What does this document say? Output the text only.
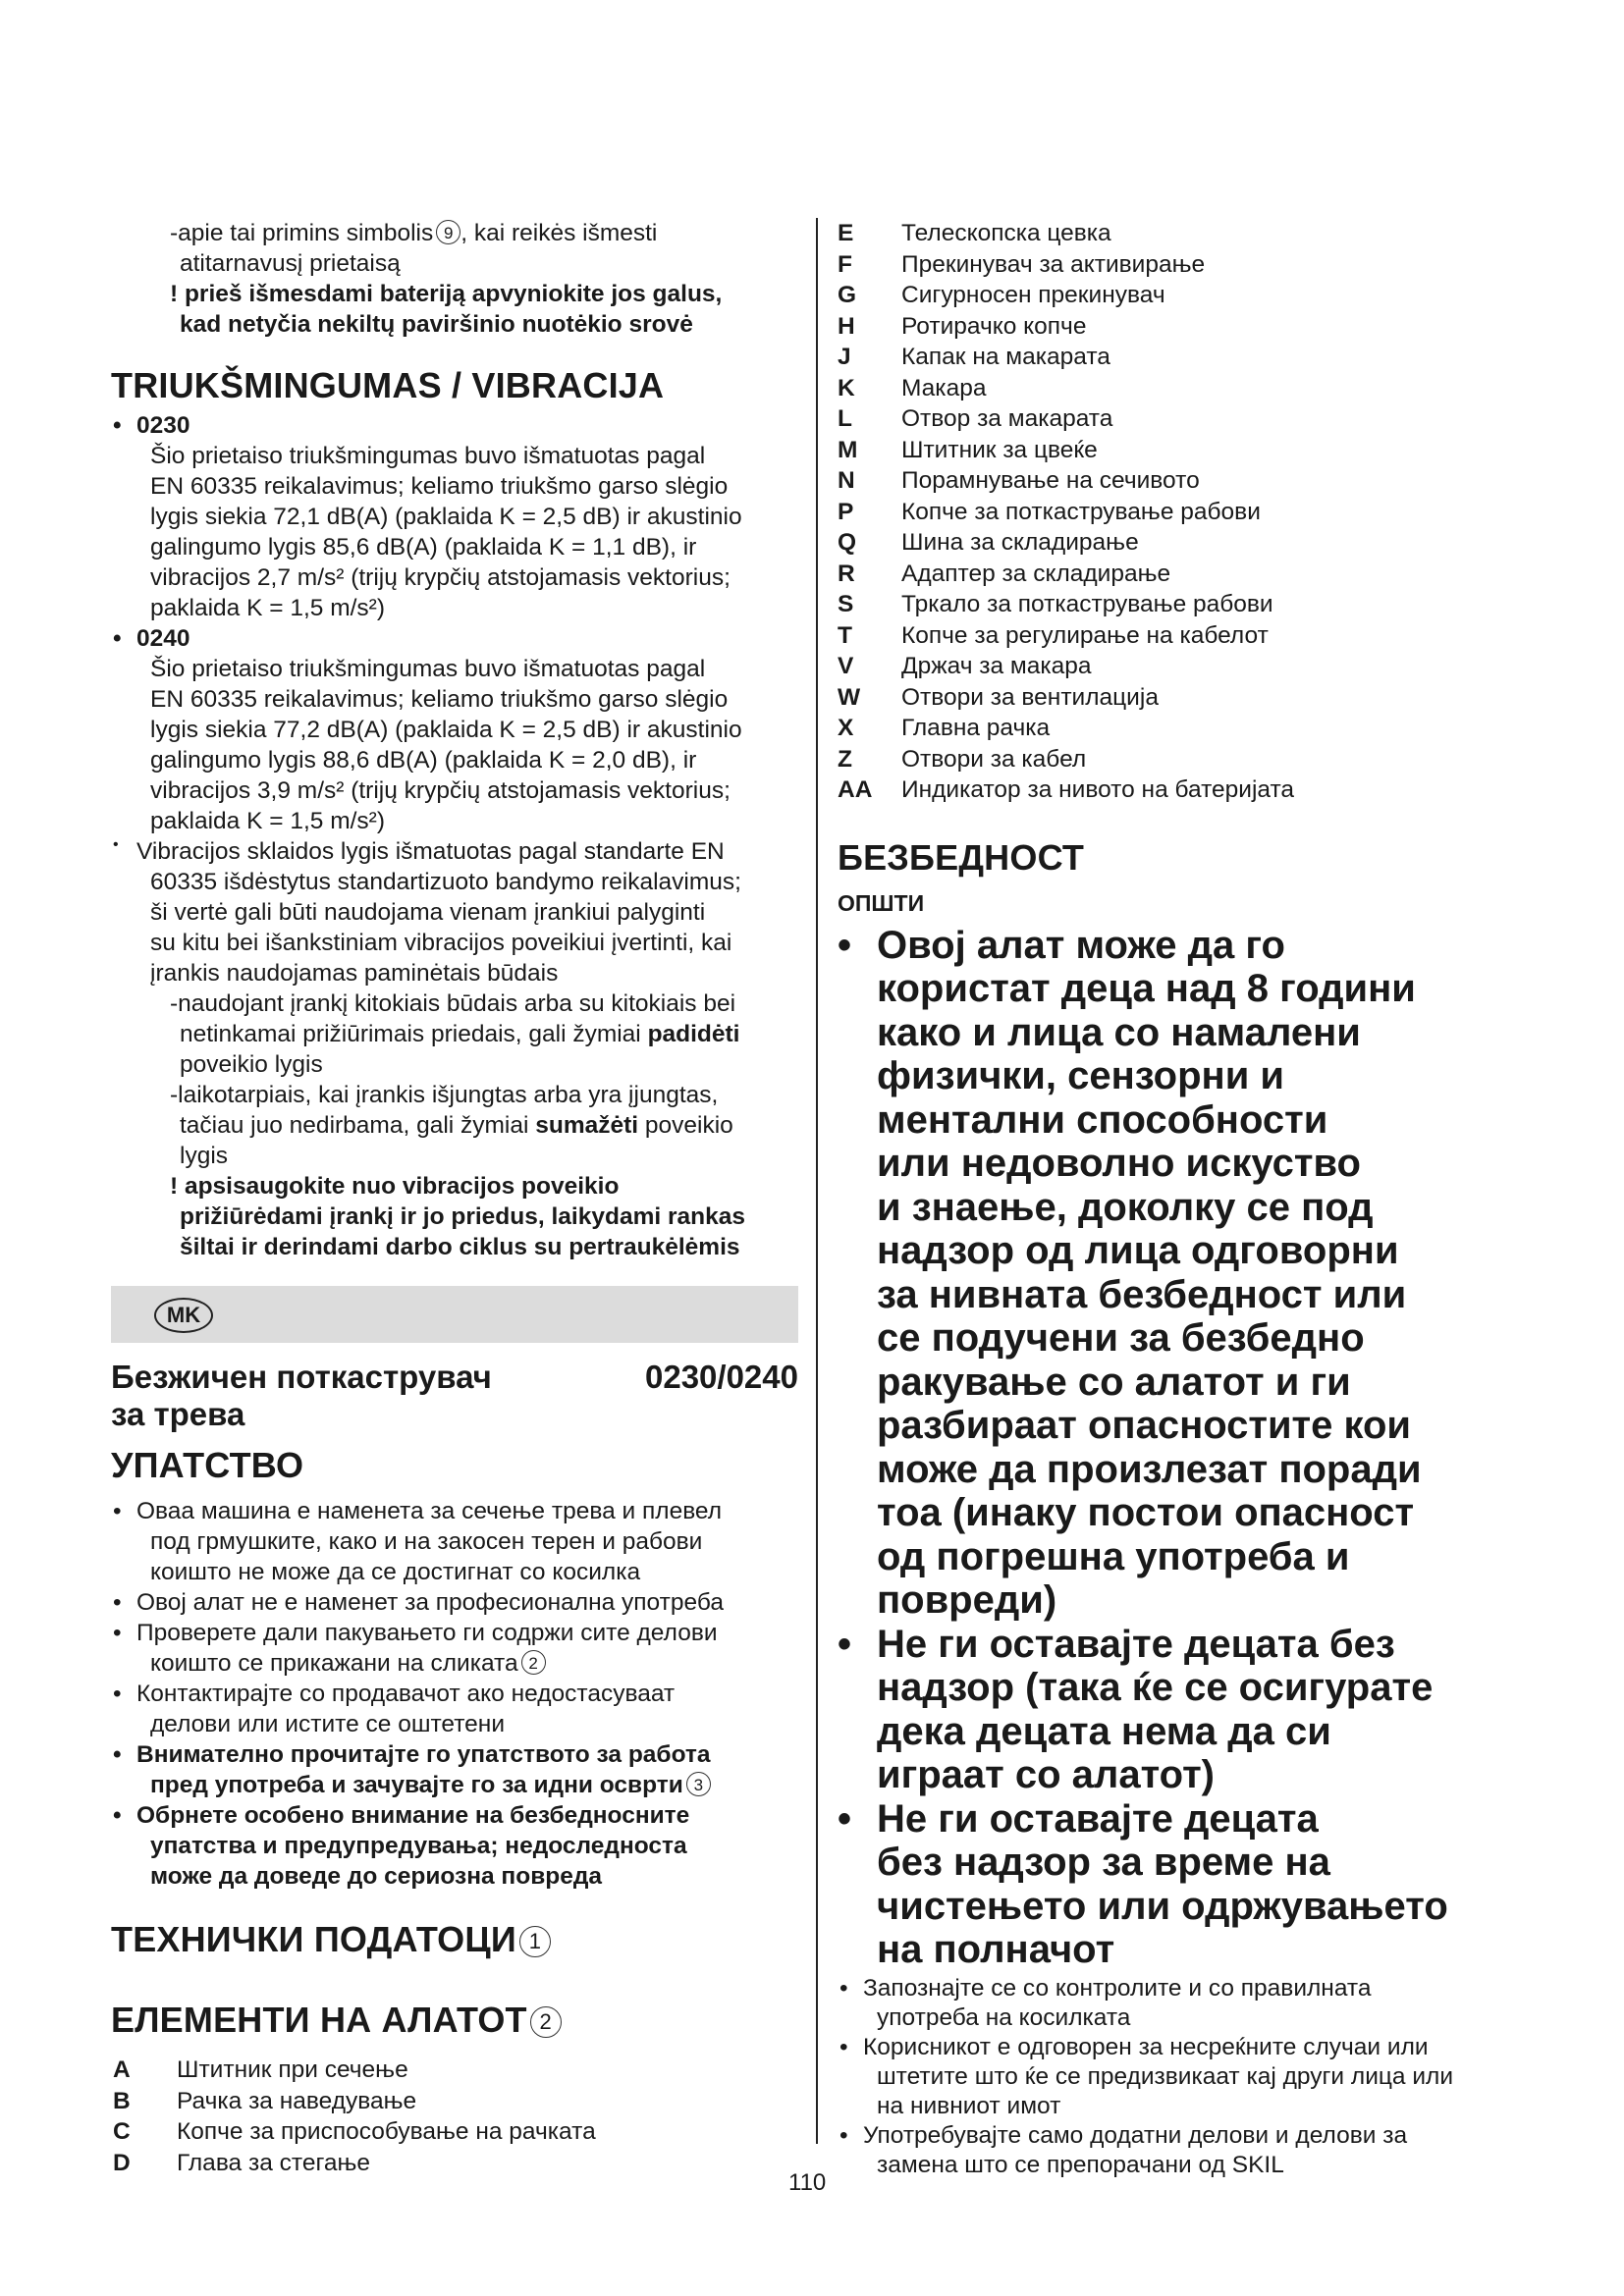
-apie tai primins simbolis 9 , kai reikės išmesti

atitarnavusį prietaisą

! prieš išmesdami bateriją apvyniokite jos galus,

kad netyčia nekiltų paviršinio nuotėkio srovė

TRIUKŠMINGUMAS / VIBRACIJA
• 0230

Šio prietaiso triukšmingumas buvo išmatuotas pagal

EN 60335 reikalavimus; keliamo triukšmo garso slėgio

lygis siekia 72,1 dB(A) (paklaida K = 2,5 dB) ir akustinio

galingumo lygis 85,6 dB(A) (paklaida K = 1,1 dB), ir

vibracijos 2,7 m/s² (trijų krypčių atstojamasis vektorius;

paklaida K = 1,5 m/s²)

• 0240

Šio prietaiso triukšmingumas buvo išmatuotas pagal

EN 60335 reikalavimus; keliamo triukšmo garso slėgio

lygis siekia 77,2 dB(A) (paklaida K = 2,5 dB) ir akustinio

galingumo lygis 88,6 dB(A) (paklaida K = 2,0 dB), ir

vibracijos 3,9 m/s² (trijų krypčių atstojamasis vektorius;

paklaida K = 1,5 m/s²)

• Vibracijos sklaidos lygis išmatuotas pagal standarte EN

60335 išdėstytus standartizuoto bandymo reikalavimus;

ši vertė gali būti naudojama vienam įrankiui palyginti

su kitu bei išankstiniam vibracijos poveikiui įvertinti, kai

įrankis naudojamas paminėtais būdais

-naudojant įrankį kitokiais būdais arba su kitokiais bei

netinkamai prižiūrimais priedais, gali žymiai padidėti

poveikio lygis

-laikotarpiais, kai įrankis išjungtas arba yra įjungtas,

tačiau juo nedirbama, gali žymiai sumažėti poveikio

lygis

! apsisaugokite nuo vibracijos poveikio

prižiūrėdami įrankį ir jo priedus, laikydami rankas

šiltai ir derindami darbo ciklus su pertraukėlėmis

MK
Безжичен поткаструвач	0230/0240
за трева
УПАТСТВО
• Оваа машина е наменета за сечење трева и плевел
под грмушките, како и на закосен терен и рабови
коишто не може да се достигнат со косилка
• Овој алат не е наменет за професионална употреба
• Проверете дали пакувањето ги содржи сите делови
коишто се прикажани на сликата 2
• Контактирајте со продавачот ако недостасуваат
делови или истите се оштетени
• Внимателно прочитајте го упатството за работа
пред употреба и зачувајте го за идни осврти 3
• Обрнете особено внимание на безбедносните
упатства и предупредувања; недоследноста
може да доведе до сериозна повреда
ТЕХНИЧКИ ПОДАТОЦИ 1
ЕЛЕМЕНТИ НА АЛАТОТ 2
A	Штитник при сечење
B	Рачка за наведување
C	Копче за приспособување на рачката
D	Глава за стегање
E	Телескопска цевка
F	Прекинувач за активирање
G	Сигурносен прекинувач
H	Ротирачко копче
J	Капак на макарата
K	Макара
L	Отвор за макарата
M	Штитник за цвеќе
N	Порамнување на сечивото
P	Копче за поткастрување рабови
Q	Шина за складирање
R	Адаптер за складирање
S	Тркало за поткастрување рабови
T	Копче за регулирање на кабелот
V	Држач за макара
W	Отвори за вентилација
X	Главна рачка
Z	Отвори за кабел
AA	Индикатор за нивото на батеријата
БЕЗБЕДНОСТ
ОПШТИ
• Овој алат може да го
користат деца над 8 години
како и лица со намалени
физички, сензорни и
ментални способности
или недоволно искуство
и знаење, доколку се под
надзор од лица одговорни
за нивната безбедност или
се подучени за безбедно
ракување со алатот и ги
разбираат опасностите кои
може да произлезат поради
тоа (инаку постои опасност
од погрешна употреба и
повреди)
• Не ги оставајте децата без
надзор (така ќе се осигурате
дека децата нема да си
играат со алатот)
• Не ги оставајте децата
без надзор за време на
чистењето или одржувањето
на полначот
• Запознајте се со контролите и со правилната
употреба на косилката
• Корисникот е одговорен за несреќните случаи или
штетите што ќе се предизвикаат кај други лица или
на нивниот имот
• Употребувајте само додатни делови и делови за
замена што се препорачани од SKIL
110
